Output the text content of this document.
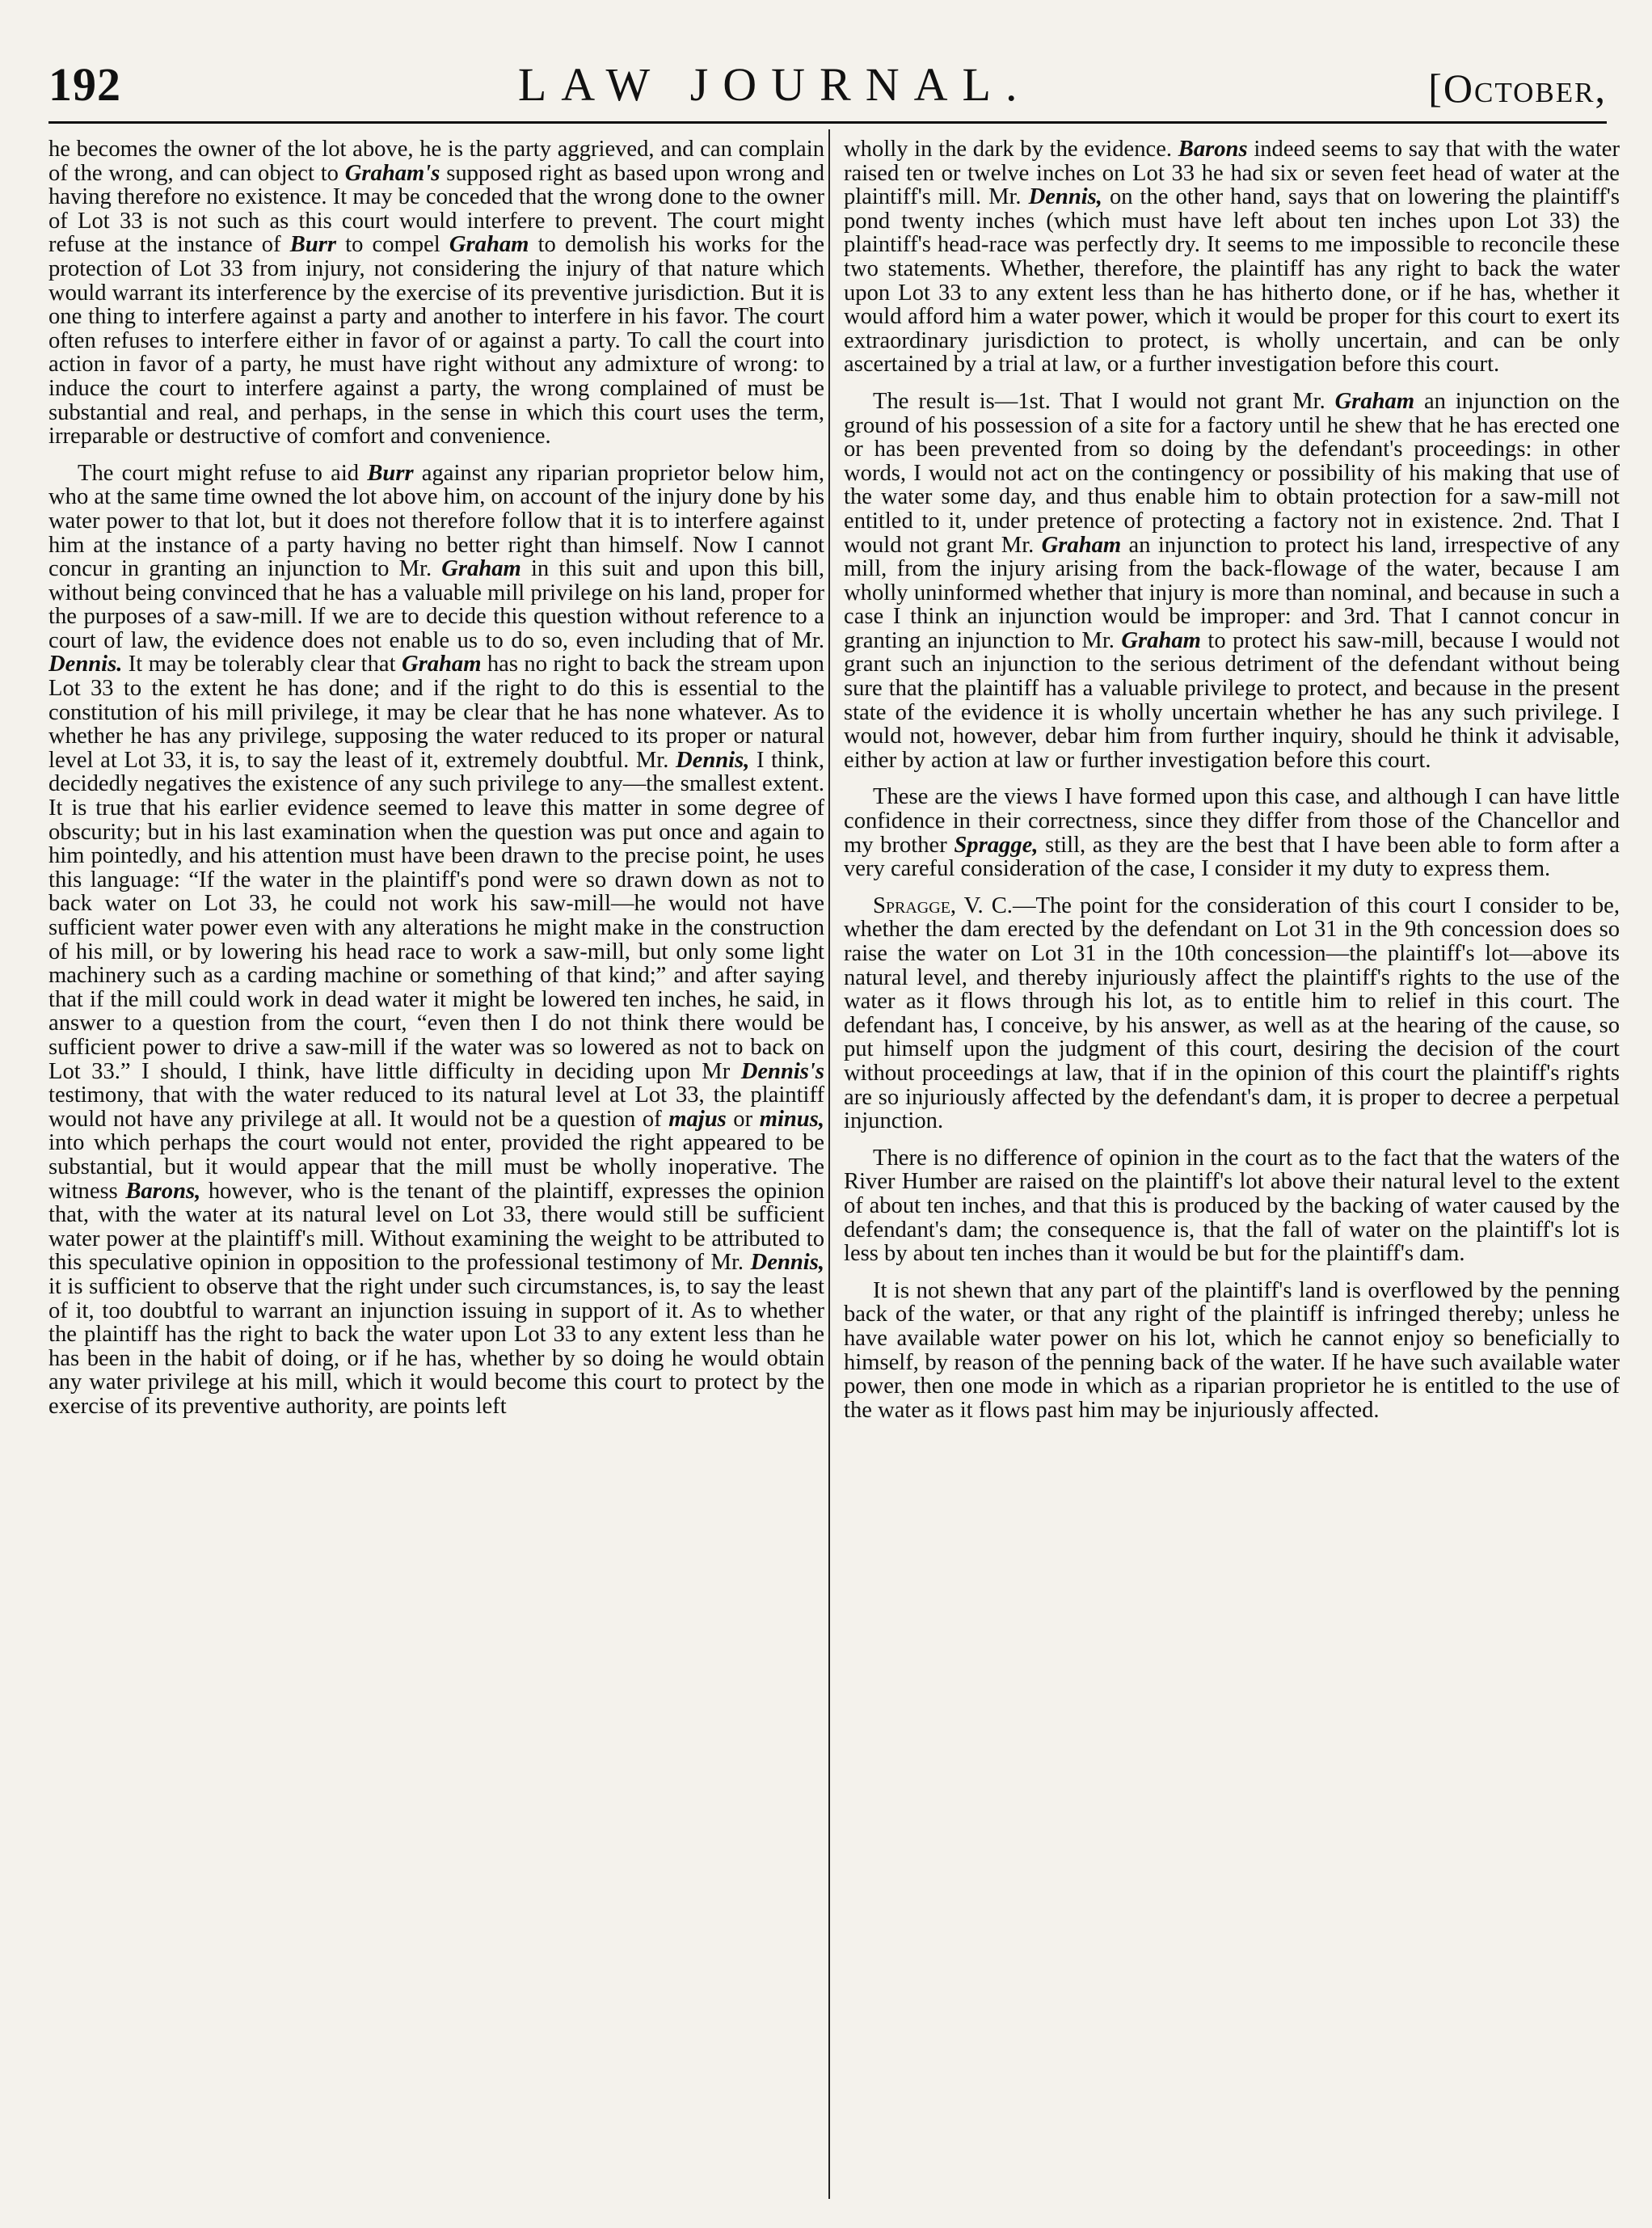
192	LAW JOURNAL.	[October,

he becomes the owner of the lot above, he is the party aggrieved, and can complain of the wrong, and can object to Graham's supposed right as based upon wrong and having therefore no existence. It may be conceded that the wrong done to the owner of Lot 33 is not such as this court would interfere to prevent. The court might refuse at the instance of Burr to compel Graham to demolish his works for the protection of Lot 33 from injury, not considering the injury of that nature which would warrant its interference by the exercise of its preventive jurisdiction. But it is one thing to interfere against a party and another to interfere in his favor. The court often refuses to interfere either in favor of or against a party. To call the court into action in favor of a party, he must have right without any admixture of wrong: to induce the court to interfere against a party, the wrong complained of must be substantial and real, and perhaps, in the sense in which this court uses the term, irreparable or destructive of comfort and convenience.

The court might refuse to aid Burr against any riparian proprietor below him, who at the same time owned the lot above him, on account of the injury done by his water power to that lot, but it does not therefore follow that it is to interfere against him at the instance of a party having no better right than himself. Now I cannot concur in granting an injunction to Mr. Graham in this suit and upon this bill, without being convinced that he has a valuable mill privilege on his land, proper for the purposes of a saw-mill. If we are to decide this question without reference to a court of law, the evidence does not enable us to do so, even including that of Mr. Dennis. It may be tolerably clear that Graham has no right to back the stream upon Lot 33 to the extent he has done; and if the right to do this is essential to the constitution of his mill privilege, it may be clear that he has none whatever. As to whether he has any privilege, supposing the water reduced to its proper or natural level at Lot 33, it is, to say the least of it, extremely doubtful. Mr. Dennis, I think, decidedly negatives the existence of any such privilege to any—the smallest extent. It is true that his earlier evidence seemed to leave this matter in some degree of obscurity; but in his last examination when the question was put once and again to him pointedly, and his attention must have been drawn to the precise point, he uses this language: “If the water in the plaintiff's pond were so drawn down as not to back water on Lot 33, he could not work his saw-mill—he would not have sufficient water power even with any alterations he might make in the construction of his mill, or by lowering his head race to work a saw-mill, but only some light machinery such as a carding machine or something of that kind;” and after saying that if the mill could work in dead water it might be lowered ten inches, he said, in answer to a question from the court, “even then I do not think there would be sufficient power to drive a saw-mill if the water was so lowered as not to back on Lot 33.” I should, I think, have little difficulty in deciding upon Mr Dennis's testimony, that with the water reduced to its natural level at Lot 33, the plaintiff would not have any privilege at all. It would not be a question of majus or minus, into which perhaps the court would not enter, provided the right appeared to be substantial, but it would appear that the mill must be wholly inoperative. The witness Barons, however, who is the tenant of the plaintiff, expresses the opinion that, with the water at its natural level on Lot 33, there would still be sufficient water power at the plaintiff's mill. Without examining the weight to be attributed to this speculative opinion in opposition to the professional testimony of Mr. Dennis, it is sufficient to observe that the right under such circumstances, is, to say the least of it, too doubtful to warrant an injunction issuing in support of it. As to whether the plaintiff has the right to back the water upon Lot 33 to any extent less than he has been in the habit of doing, or if he has, whether by so doing he would obtain any water privilege at his mill, which it would become this court to protect by the exercise of its preventive authority, are points left

wholly in the dark by the evidence. Barons indeed seems to say that with the water raised ten or twelve inches on Lot 33 he had six or seven feet head of water at the plaintiff's mill. Mr. Dennis, on the other hand, says that on lowering the plaintiff's pond twenty inches (which must have left about ten inches upon Lot 33) the plaintiff's head-race was perfectly dry. It seems to me impossible to reconcile these two statements. Whether, therefore, the plaintiff has any right to back the water upon Lot 33 to any extent less than he has hitherto done, or if he has, whether it would afford him a water power, which it would be proper for this court to exert its extraordinary jurisdiction to protect, is wholly uncertain, and can be only ascertained by a trial at law, or a further investigation before this court.

The result is—1st. That I would not grant Mr. Graham an injunction on the ground of his possession of a site for a factory until he shew that he has erected one or has been prevented from so doing by the defendant's proceedings: in other words, I would not act on the contingency or possibility of his making that use of the water some day, and thus enable him to obtain protection for a saw-mill not entitled to it, under pretence of protecting a factory not in existence. 2nd. That I would not grant Mr. Graham an injunction to protect his land, irrespective of any mill, from the injury arising from the back-flowage of the water, because I am wholly uninformed whether that injury is more than nominal, and because in such a case I think an injunction would be improper: and 3rd. That I cannot concur in granting an injunction to Mr. Graham to protect his saw-mill, because I would not grant such an injunction to the serious detriment of the defendant without being sure that the plaintiff has a valuable privilege to protect, and because in the present state of the evidence it is wholly uncertain whether he has any such privilege. I would not, however, debar him from further inquiry, should he think it advisable, either by action at law or further investigation before this court.

These are the views I have formed upon this case, and although I can have little confidence in their correctness, since they differ from those of the Chancellor and my brother Spragge, still, as they are the best that I have been able to form after a very careful consideration of the case, I consider it my duty to express them.

Spragge, V. C.—The point for the consideration of this court I consider to be, whether the dam erected by the defendant on Lot 31 in the 9th concession does so raise the water on Lot 31 in the 10th concession—the plaintiff's lot—above its natural level, and thereby injuriously affect the plaintiff's rights to the use of the water as it flows through his lot, as to entitle him to relief in this court. The defendant has, I conceive, by his answer, as well as at the hearing of the cause, so put himself upon the judgment of this court, desiring the decision of the court without proceedings at law, that if in the opinion of this court the plaintiff's rights are so injuriously affected by the defendant's dam, it is proper to decree a perpetual injunction.

There is no difference of opinion in the court as to the fact that the waters of the River Humber are raised on the plaintiff's lot above their natural level to the extent of about ten inches, and that this is produced by the backing of water caused by the defendant's dam; the consequence is, that the fall of water on the plaintiff's lot is less by about ten inches than it would be but for the plaintiff's dam.

It is not shewn that any part of the plaintiff's land is overflowed by the penning back of the water, or that any right of the plaintiff is infringed thereby; unless he have available water power on his lot, which he cannot enjoy so beneficially to himself, by reason of the penning back of the water. If he have such available water power, then one mode in which as a riparian proprietor he is entitled to the use of the water as it flows past him may be injuriously affected.
